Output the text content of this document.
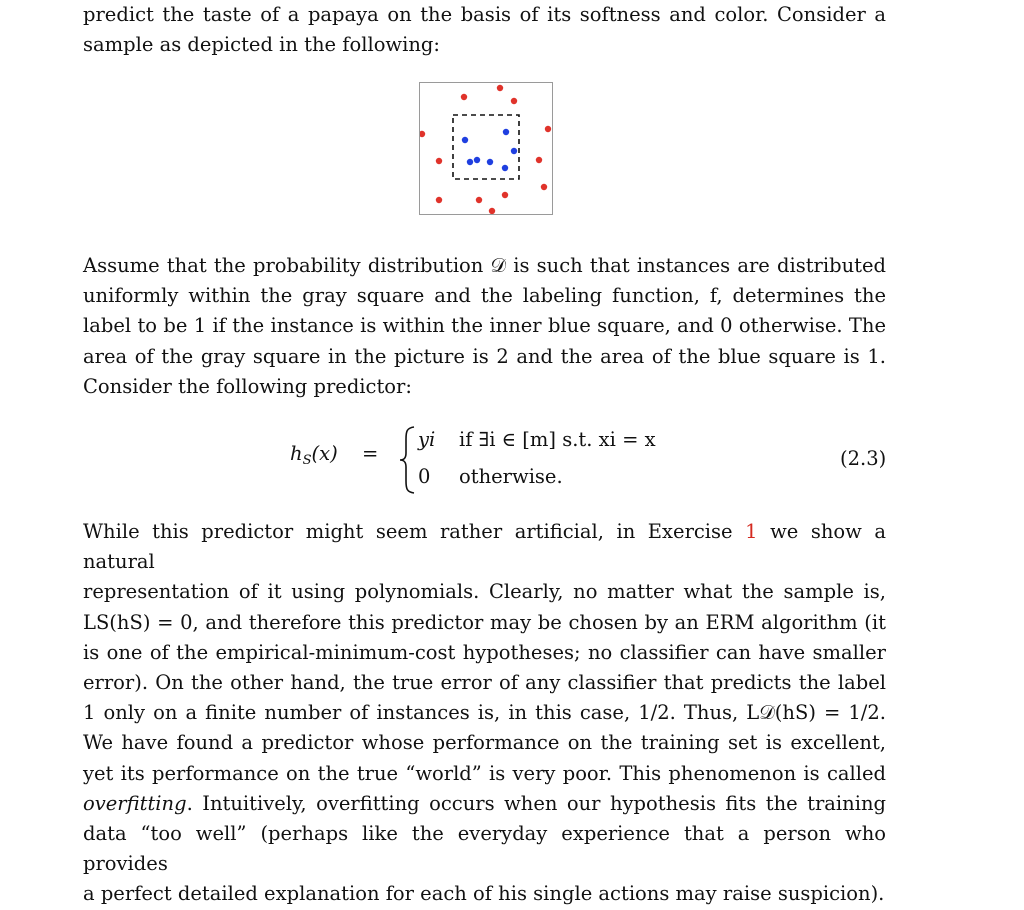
predict the taste of a papaya on the basis of its softness and color. Consider a
sample as depicted in the following:
Assume that the probability distribution 𝒟 is such that instances are distributed
uniformly within the gray square and the labeling function, f, determines the
label to be 1 if the instance is within the inner blue square, and 0 otherwise. The
area of the gray square in the picture is 2 and the area of the blue square is 1.
Consider the following predictor:
$h_S(x)$ =
yi if ∃i ∈ [m] s.t. xi = x
0 otherwise.
(2.3)
While this predictor might seem rather artificial, in Exercise 1 we show a natural
representation of it using polynomials. Clearly, no matter what the sample is,
LS(hS) = 0, and therefore this predictor may be chosen by an ERM algorithm (it
is one of the empirical-minimum-cost hypotheses; no classifier can have smaller
error). On the other hand, the true error of any classifier that predicts the label
1 only on a finite number of instances is, in this case, 1/2. Thus, L𝒟(hS) = 1/2.
We have found a predictor whose performance on the training set is excellent,
yet its performance on the true “world” is very poor. This phenomenon is called
overfitting. Intuitively, overfitting occurs when our hypothesis fits the training
data “too well” (perhaps like the everyday experience that a person who provides
a perfect detailed explanation for each of his single actions may raise suspicion).
